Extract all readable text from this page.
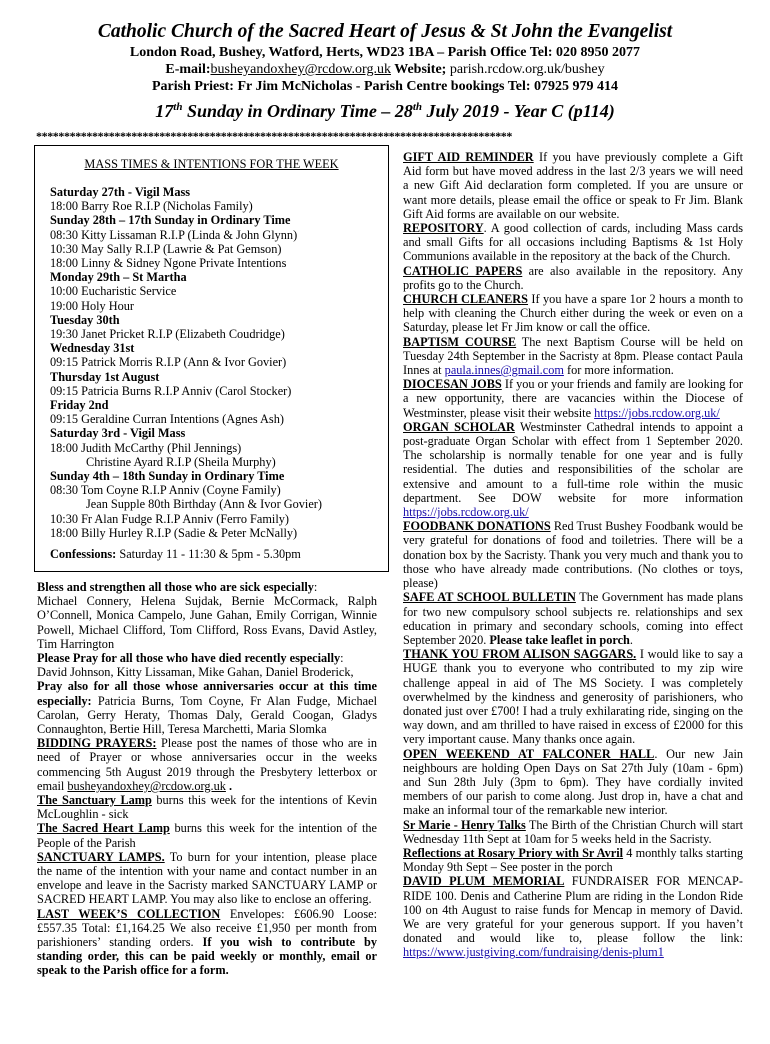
Catholic Church of the Sacred Heart of Jesus & St John the Evangelist
London Road, Bushey, Watford, Herts, WD23 1BA – Parish Office Tel: 020 8950 2077
E-mail:busheyandoxhey@rcdow.org.uk Website; parish.rcdow.org.uk/bushey
Parish Priest: Fr Jim McNicholas - Parish Centre bookings Tel: 07925 979 414
17th Sunday in Ordinary Time – 28th July 2019 - Year C (p114)
*************************************************************************************
MASS TIMES & INTENTIONS FOR THE WEEK
Saturday 27th - Vigil Mass
18:00 Barry Roe R.I.P (Nicholas Family)
Sunday 28th – 17th Sunday in Ordinary Time
08:30 Kitty Lissaman R.I.P (Linda & John Glynn)
10:30 May Sally R.I.P (Lawrie & Pat Gemson)
18:00 Linny & Sidney Ngone Private Intentions
Monday 29th – St Martha
10:00 Eucharistic Service
19:00 Holy Hour
Tuesday 30th
19:30 Janet Pricket R.I.P (Elizabeth Coudridge)
Wednesday 31st
09:15 Patrick Morris R.I.P (Ann & Ivor Govier)
Thursday 1st August
09:15 Patricia Burns R.I.P Anniv (Carol Stocker)
Friday 2nd
09:15 Geraldine Curran Intentions (Agnes Ash)
Saturday 3rd - Vigil Mass
18:00 Judith McCarthy (Phil Jennings)
Christine Ayard R.I.P (Sheila Murphy)
Sunday 4th – 18th Sunday in Ordinary Time
08:30 Tom Coyne R.I.P Anniv (Coyne Family)
Jean Supple 80th Birthday (Ann & Ivor Govier)
10:30 Fr Alan Fudge R.I.P Anniv (Ferro Family)
18:00 Billy Hurley R.I.P (Sadie & Peter McNally)
Confessions: Saturday 11 - 11:30 & 5pm - 5.30pm

Bless and strengthen all those who are sick especially:
Michael Connery, Helena Sujdak, Bernie McCormack, Ralph O’Connell, Monica Campelo, June Gahan, Emily Corrigan, Winnie Powell, Michael Clifford, Tom Clifford, Ross Evans, David Astley, Tim Harrington

Please Pray for all those who have died recently especially:
David Johnson, Kitty Lissaman, Mike Gahan, Daniel Broderick,

Pray also for all those whose anniversaries occur at this time especially: Patricia Burns, Tom Coyne, Fr Alan Fudge, Michael Carolan, Gerry Heraty, Thomas Daly, Gerald Coogan, Gladys Connaughton, Bertie Hill, Teresa Marchetti, Maria Slomka

BIDDING PRAYERS: Please post the names of those who are in need of Prayer or whose anniversaries occur in the weeks commencing 5th August 2019 through the Presbytery letterbox or email busheyandoxhey@rcdow.org.uk .

The Sanctuary Lamp burns this week for the intentions of Kevin McLoughlin - sick

The Sacred Heart Lamp burns this week for the intention of the People of the Parish

SANCTUARY LAMPS. To burn for your intention, please place the name of the intention with your name and contact number in an envelope and leave in the Sacristy marked SANCTUARY LAMP or SACRED HEART LAMP. You may also like to enclose an offering.

LAST WEEK’S COLLECTION Envelopes: £606.90 Loose: £557.35 Total: £1,164.25 We also receive £1,950 per month from parishioners’ standing orders. If you wish to contribute by standing order, this can be paid weekly or monthly, email or speak to the Parish office for a form.

GIFT AID REMINDER If you have previously complete a Gift Aid form but have moved address in the last 2/3 years we will need a new Gift Aid declaration form completed. If you are unsure or want more details, please email the office or speak to Fr Jim. Blank Gift Aid forms are available on our website.

REPOSITORY. A good collection of cards, including Mass cards and small Gifts for all occasions including Baptisms & 1st Holy Communions available in the repository at the back of the Church.

CATHOLIC PAPERS are also available in the repository. Any profits go to the Church.

CHURCH CLEANERS If you have a spare 1or 2 hours a month to help with cleaning the Church either during the week or even on a Saturday, please let Fr Jim know or call the office.

BAPTISM COURSE The next Baptism Course will be held on Tuesday 24th September in the Sacristy at 8pm. Please contact Paula Innes at paula.innes@gmail.com for more information.

DIOCESAN JOBS If you or your friends and family are looking for a new opportunity, there are vacancies within the Diocese of Westminster, please visit their website https://jobs.rcdow.org.uk/

ORGAN SCHOLAR Westminster Cathedral intends to appoint a post-graduate Organ Scholar with effect from 1 September 2020. The scholarship is normally tenable for one year and is fully residential. The duties and responsibilities of the scholar are extensive and amount to a full-time role within the music department. See DOW website for more information https://jobs.rcdow.org.uk/

FOODBANK DONATIONS Red Trust Bushey Foodbank would be very grateful for donations of food and toiletries. There will be a donation box by the Sacristy. Thank you very much and thank you to those who have already made contributions. (No clothes or toys, please)

SAFE AT SCHOOL BULLETIN The Government has made plans for two new compulsory school subjects re. relationships and sex education in primary and secondary schools, coming into effect September 2020. Please take leaflet in porch.

THANK YOU FROM ALISON SAGGARS. I would like to say a HUGE thank you to everyone who contributed to my zip wire challenge appeal in aid of The MS Society. I was completely overwhelmed by the kindness and generosity of parishioners, who donated just over £700! I had a truly exhilarating ride, singing on the way down, and am thrilled to have raised in excess of £2000 for this very important cause. Many thanks once again.

OPEN WEEKEND AT FALCONER HALL. Our new Jain neighbours are holding Open Days on Sat 27th July (10am - 6pm) and Sun 28th July (3pm to 6pm). They have cordially invited members of our parish to come along. Just drop in, have a chat and make an informal tour of the remarkable new interior.

Sr Marie - Henry Talks The Birth of the Christian Church will start Wednesday 11th Sept at 10am for 5 weeks held in the Sacristy.

Reflections at Rosary Priory with Sr Avril 4 monthly talks starting Monday 9th Sept – See poster in the porch

DAVID PLUM MEMORIAL FUNDRAISER FOR MENCAP-RIDE 100. Denis and Catherine Plum are riding in the London Ride 100 on 4th August to raise funds for Mencap in memory of David. We are very grateful for your generous support. If you haven’t donated and would like to, please follow the link: https://www.justgiving.com/fundraising/denis-plum1
